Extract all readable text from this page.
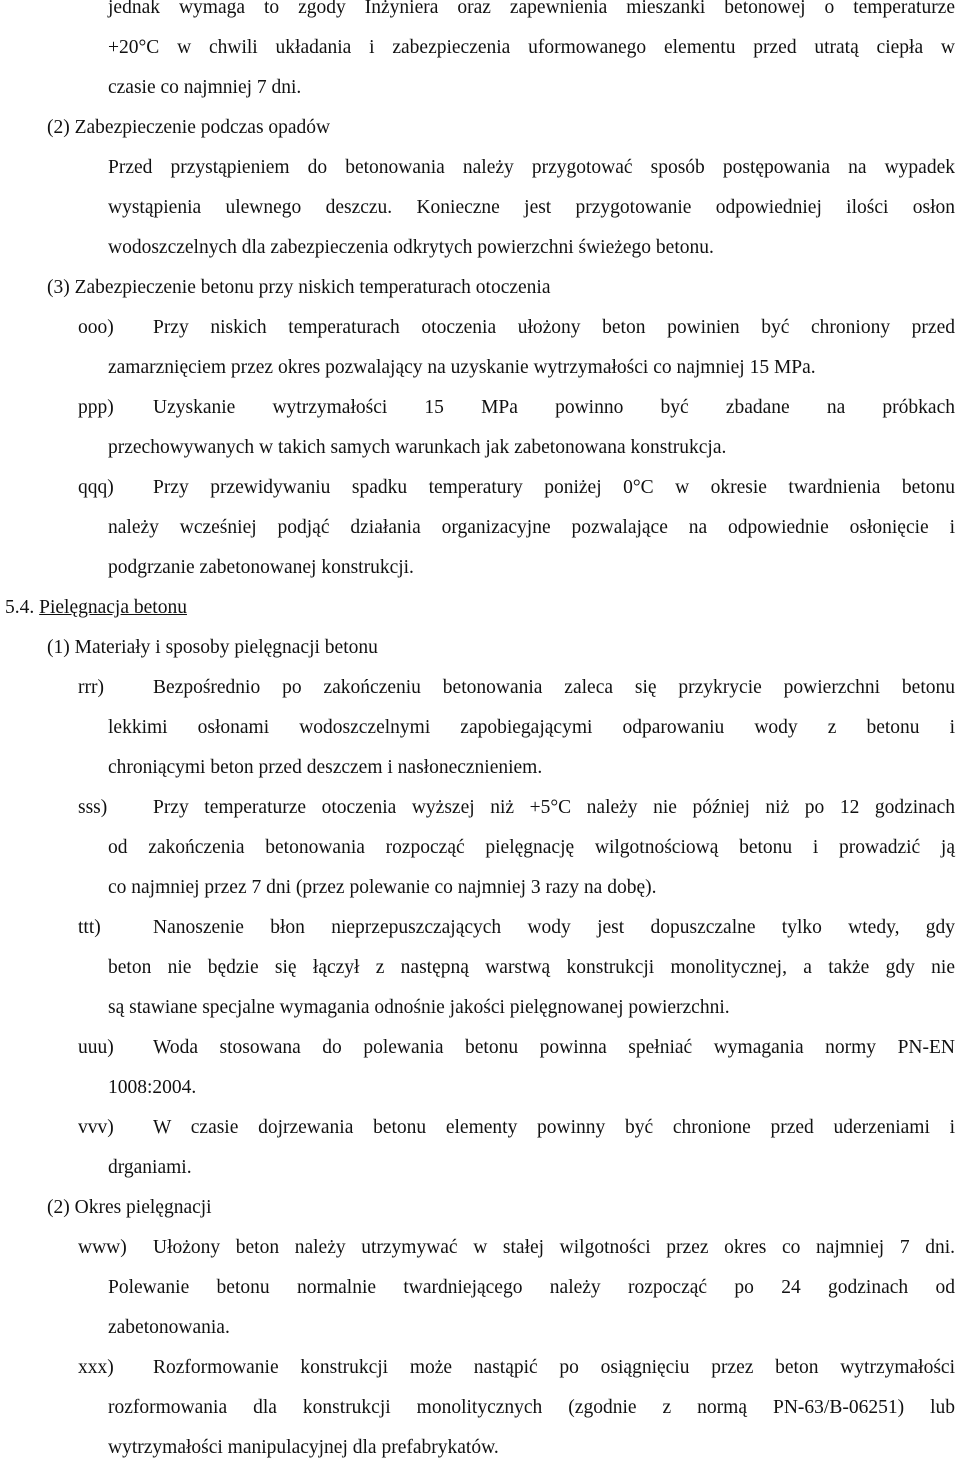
jednak wymaga to zgody Inżyniera oraz zapewnienia mieszanki betonowej o temperaturze

+20°C w chwili układania i zabezpieczenia uformowanego elementu przed utratą ciepła w

czasie co najmniej 7 dni.

(2) Zabezpieczenie podczas opadów

Przed przystąpieniem do betonowania należy przygotować sposób postępowania na wypadek

wystąpienia ulewnego deszczu. Konieczne jest przygotowanie odpowiedniej ilości osłon

wodoszczelnych dla zabezpieczenia odkrytych powierzchni świeżego betonu.

(3) Zabezpieczenie betonu przy niskich temperaturach otoczenia

ooo)	Przy niskich temperaturach otoczenia ułożony beton powinien być chroniony przed

zamarznięciem przez okres pozwalający na uzyskanie wytrzymałości co najmniej 15 MPa.

ppp)	Uzyskanie wytrzymałości 15 MPa powinno być zbadane na próbkach

przechowywanych w takich samych warunkach jak zabetonowana konstrukcja.

qqq)	Przy przewidywaniu spadku temperatury poniżej 0°C w okresie twardnienia betonu

należy wcześniej podjąć działania organizacyjne pozwalające na odpowiednie osłonięcie i

podgrzanie zabetonowanej konstrukcji.

5.4. Pielęgnacja betonu

(1) Materiały i sposoby pielęgnacji betonu

rrr)	Bezpośrednio po zakończeniu betonowania zaleca się przykrycie powierzchni betonu

lekkimi osłonami wodoszczelnymi zapobiegającymi odparowaniu wody z betonu i

chroniącymi beton przed deszczem i nasłonecznieniem.

sss)	Przy temperaturze otoczenia wyższej niż +5°C należy nie później niż po 12 godzinach

od zakończenia betonowania rozpocząć pielęgnację wilgotnościową betonu i prowadzić ją

co najmniej przez 7 dni (przez polewanie co najmniej 3 razy na dobę).

ttt)	Nanoszenie błon nieprzepuszczających wody jest dopuszczalne tylko wtedy, gdy

beton nie będzie się łączył z następną warstwą konstrukcji monolitycznej, a także gdy nie

są stawiane specjalne wymagania odnośnie jakości pielęgnowanej powierzchni.

uuu)	Woda stosowana do polewania betonu powinna spełniać wymagania normy PN-EN

1008:2004.

vvv)	W czasie dojrzewania betonu elementy powinny być chronione przed uderzeniami i

drganiami.

(2) Okres pielęgnacji

www)	Ułożony beton należy utrzymywać w stałej wilgotności przez okres co najmniej 7 dni.

Polewanie betonu normalnie twardniejącego należy rozpocząć po 24 godzinach od

zabetonowania.

xxx)	Rozformowanie konstrukcji może nastąpić po osiągnięciu przez beton wytrzymałości

rozformowania dla konstrukcji monolitycznych (zgodnie z normą PN-63/B-06251) lub

wytrzymałości manipulacyjnej dla prefabrykatów.
